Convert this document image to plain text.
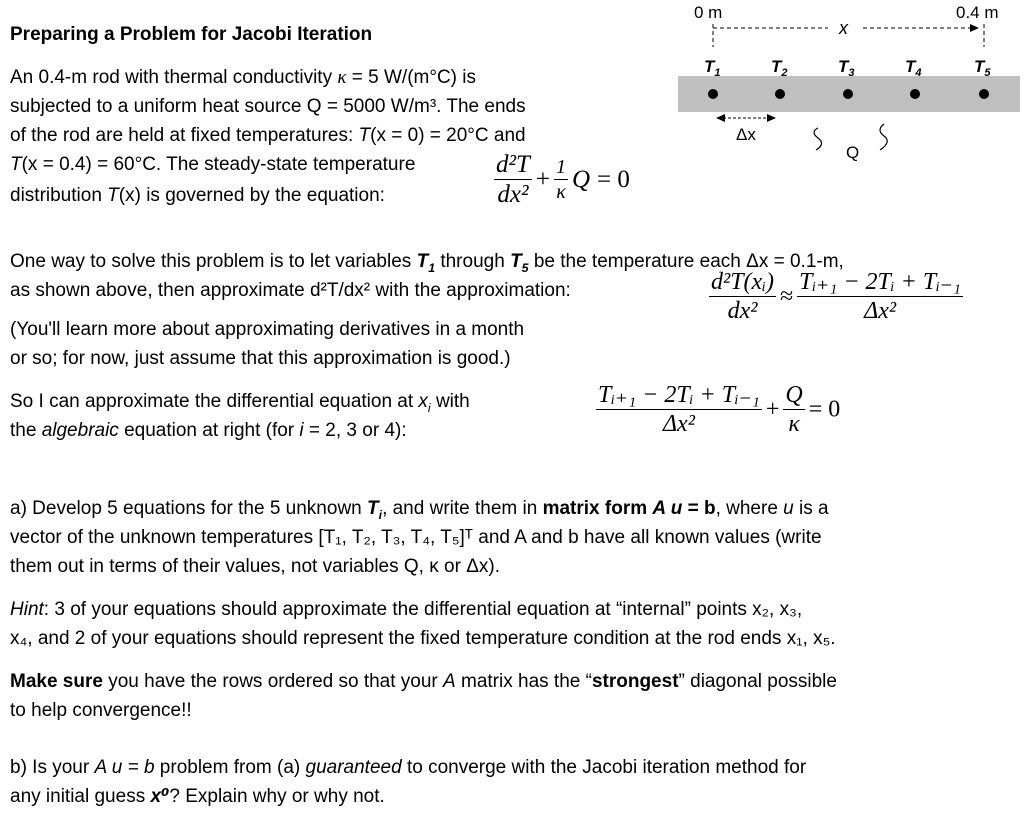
Preparing a Problem for Jacobi Iteration
An 0.4-m rod with thermal conductivity κ = 5 W/(m°C) is
subjected to a uniform heat source Q = 5000 W/m³. The ends
of the rod are held at fixed temperatures: T(x = 0) = 20°C and
T(x = 0.4) = 60°C. The steady-state temperature
distribution T(x) is governed by the equation:	$\frac{\text{d²T}}{\text{dx²}} + \frac{1}{\kappa}$ Q = 0
0 m	0.4 m
x
$T_1$	$T_2$	$T_3$	$T_4$	$T_5$
Δx
Q
One way to solve this problem is to let variables $T_1$ through $T_5$ be the temperature each Δx = 0.1-m,
as shown above, then approximate d²T/dx² with the approximation:	$\frac{\text{d²T(xᵢ)}}{\text{dx²}} \approx \frac{\text{Tᵢ₊₁ − 2Tᵢ + Tᵢ₋₁}}{\text{Δx²}}$
(You'll learn more about approximating derivatives in a month
or so; for now, just assume that this approximation is good.)
So I can approximate the differential equation at $x_i$ with
the algebraic equation at right (for i = 2, 3 or 4):	$\frac{\text{Tᵢ₊₁ − 2Tᵢ + Tᵢ₋₁}}{\text{Δx²}} + \frac{Q}{\kappa} = 0$
a) Develop 5 equations for the 5 unknown $T_i$, and write them in matrix form A u = b, where u is a
vector of the unknown temperatures [T₁, T₂, T₃, T₄, T₅]ᵀ and A and b have all known values (write
them out in terms of their values, not variables Q, κ or Δx).
Hint: 3 of your equations should approximate the differential equation at “internal” points x₂, x₃,
x₄, and 2 of your equations should represent the fixed temperature condition at the rod ends x₁, x₅.
Make sure you have the rows ordered so that your A matrix has the “strongest” diagonal possible
to help convergence!!
b) Is your A u = b problem from (a) guaranteed to converge with the Jacobi iteration method for
any initial guess x⁰? Explain why or why not.
